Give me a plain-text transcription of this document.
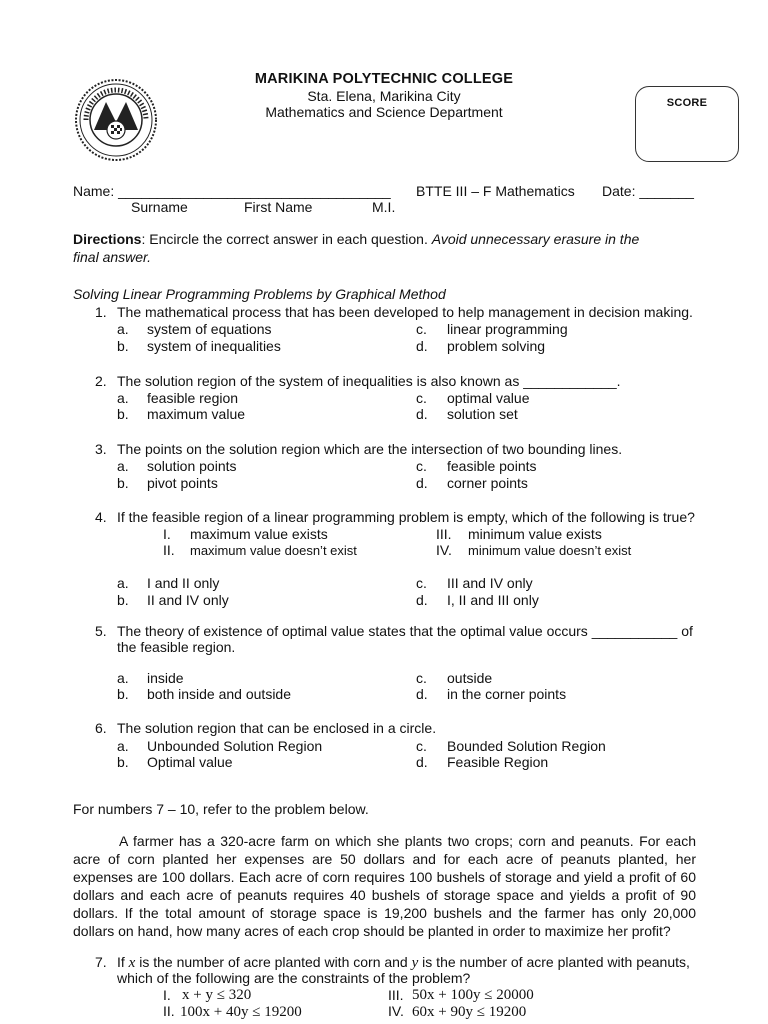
MARIKINA POLYTECHNIC COLLEGE
Sta. Elena, Marikina City
Mathematics and Science Department
SCORE
Name: ___________________________________ BTTE III – F Mathematics Date: _______
Surname	First Name	M.I.
Directions: Encircle the correct answer in each question. Avoid unnecessary erasure in the
final answer.
Solving Linear Programming Problems by Graphical Method
1. The mathematical process that has been developed to help management in decision making.
a. system of equations
b. system of inequalities
c. linear programming
d. problem solving
2. The solution region of the system of inequalities is also known as ____________.
a. feasible region
b. maximum value
c. optimal value
d. solution set
3. The points on the solution region which are the intersection of two bounding lines.
a. solution points
b. pivot points
c. feasible points
d. corner points
4. If the feasible region of a linear programming problem is empty, which of the following is true?
I. maximum value exists
II. maximum value doesn’t exist
III. minimum value exists
IV. minimum value doesn’t exist
a. I and II only
b. II and IV only
c. III and IV only
d. I, II and III only
5. The theory of existence of optimal value states that the optimal value occurs ___________ of
the feasible region.
a. inside
b. both inside and outside
c. outside
d. in the corner points
6. The solution region that can be enclosed in a circle.
a. Unbounded Solution Region
b. Optimal value
c. Bounded Solution Region
d. Feasible Region
For numbers 7 – 10, refer to the problem below.
A farmer has a 320-acre farm on which she plants two crops; corn and peanuts. For each acre of corn planted her expenses are 50 dollars and for each acre of peanuts planted, her expenses are 100 dollars. Each acre of corn requires 100 bushels of storage and yield a profit of 60 dollars and each acre of peanuts requires 40 bushels of storage space and yields a profit of 90 dollars. If the total amount of storage space is 19,200 bushels and the farmer has only 20,000 dollars on hand, how many acres of each crop should be planted in order to maximize her profit?
7. If x is the number of acre planted with corn and y is the number of acre planted with peanuts,
which of the following are the constraints of the problem?
I. x + y ≤ 320
II. 100x + 40y ≤ 19200
III. 50x + 100y ≤ 20000
IV. 60x + 90y ≤ 19200
